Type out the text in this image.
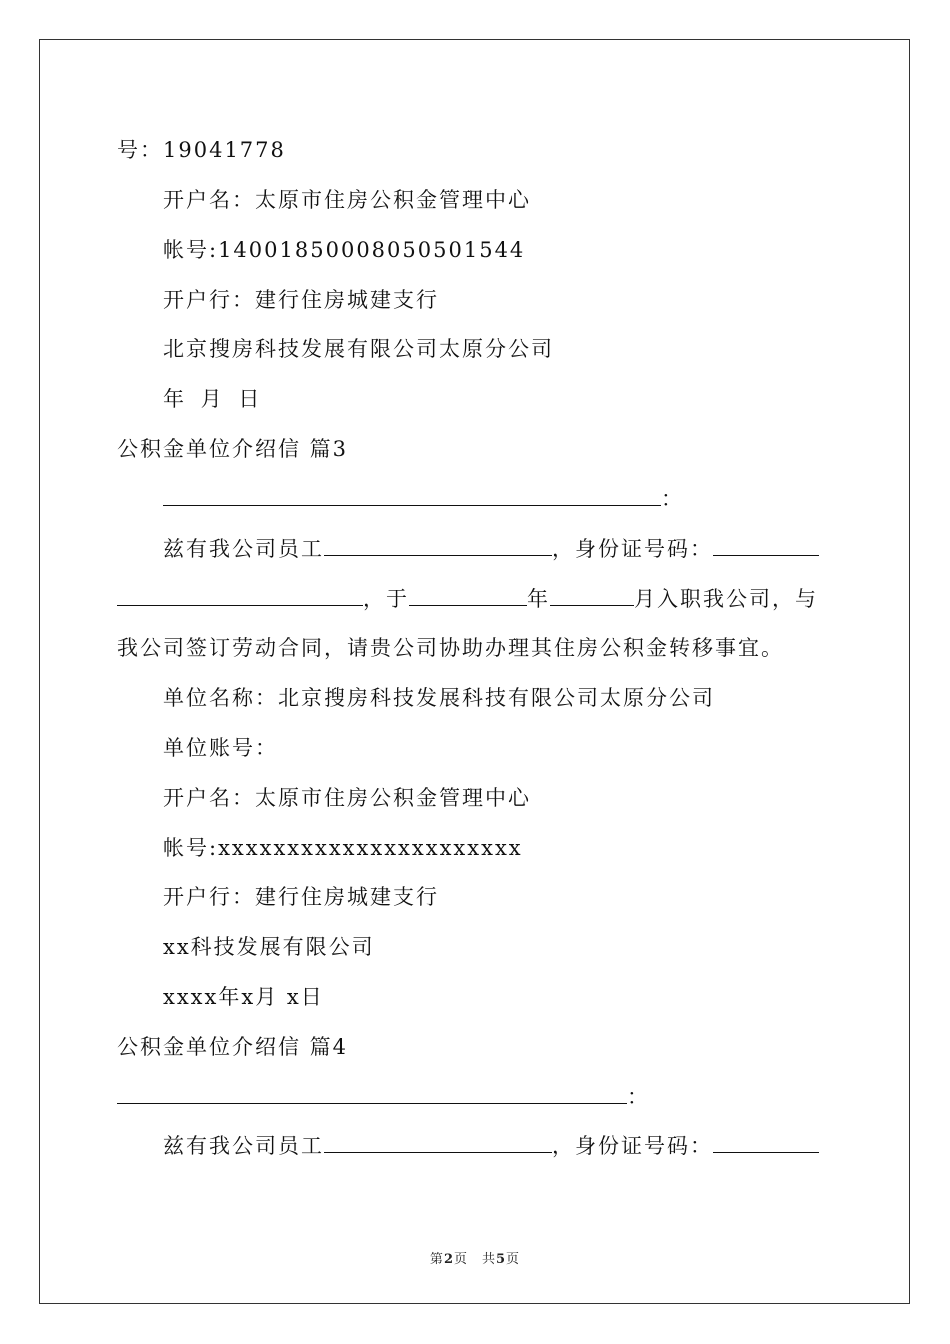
号：19041778
开户名：太原市住房公积金管理中心
帐号:14001850008050501544
开户行：建行住房城建支行
北京搜房科技发展有限公司太原分公司
年 月 日
公积金单位介绍信 篇3
：
兹有我公司员工	，身份证号码：
，于	年	月入职我公司，与
我公司签订劳动合同，请贵公司协助办理其住房公积金转移事宜。
单位名称：北京搜房科技发展科技有限公司太原分公司
单位账号：
开户名：太原市住房公积金管理中心
帐号:xxxxxxxxxxxxxxxxxxxxxx
开户行：建行住房城建支行
xx科技发展有限公司
xxxx年x月 x日
公积金单位介绍信 篇4
：
兹有我公司员工	，身份证号码：
第2页　共5页
